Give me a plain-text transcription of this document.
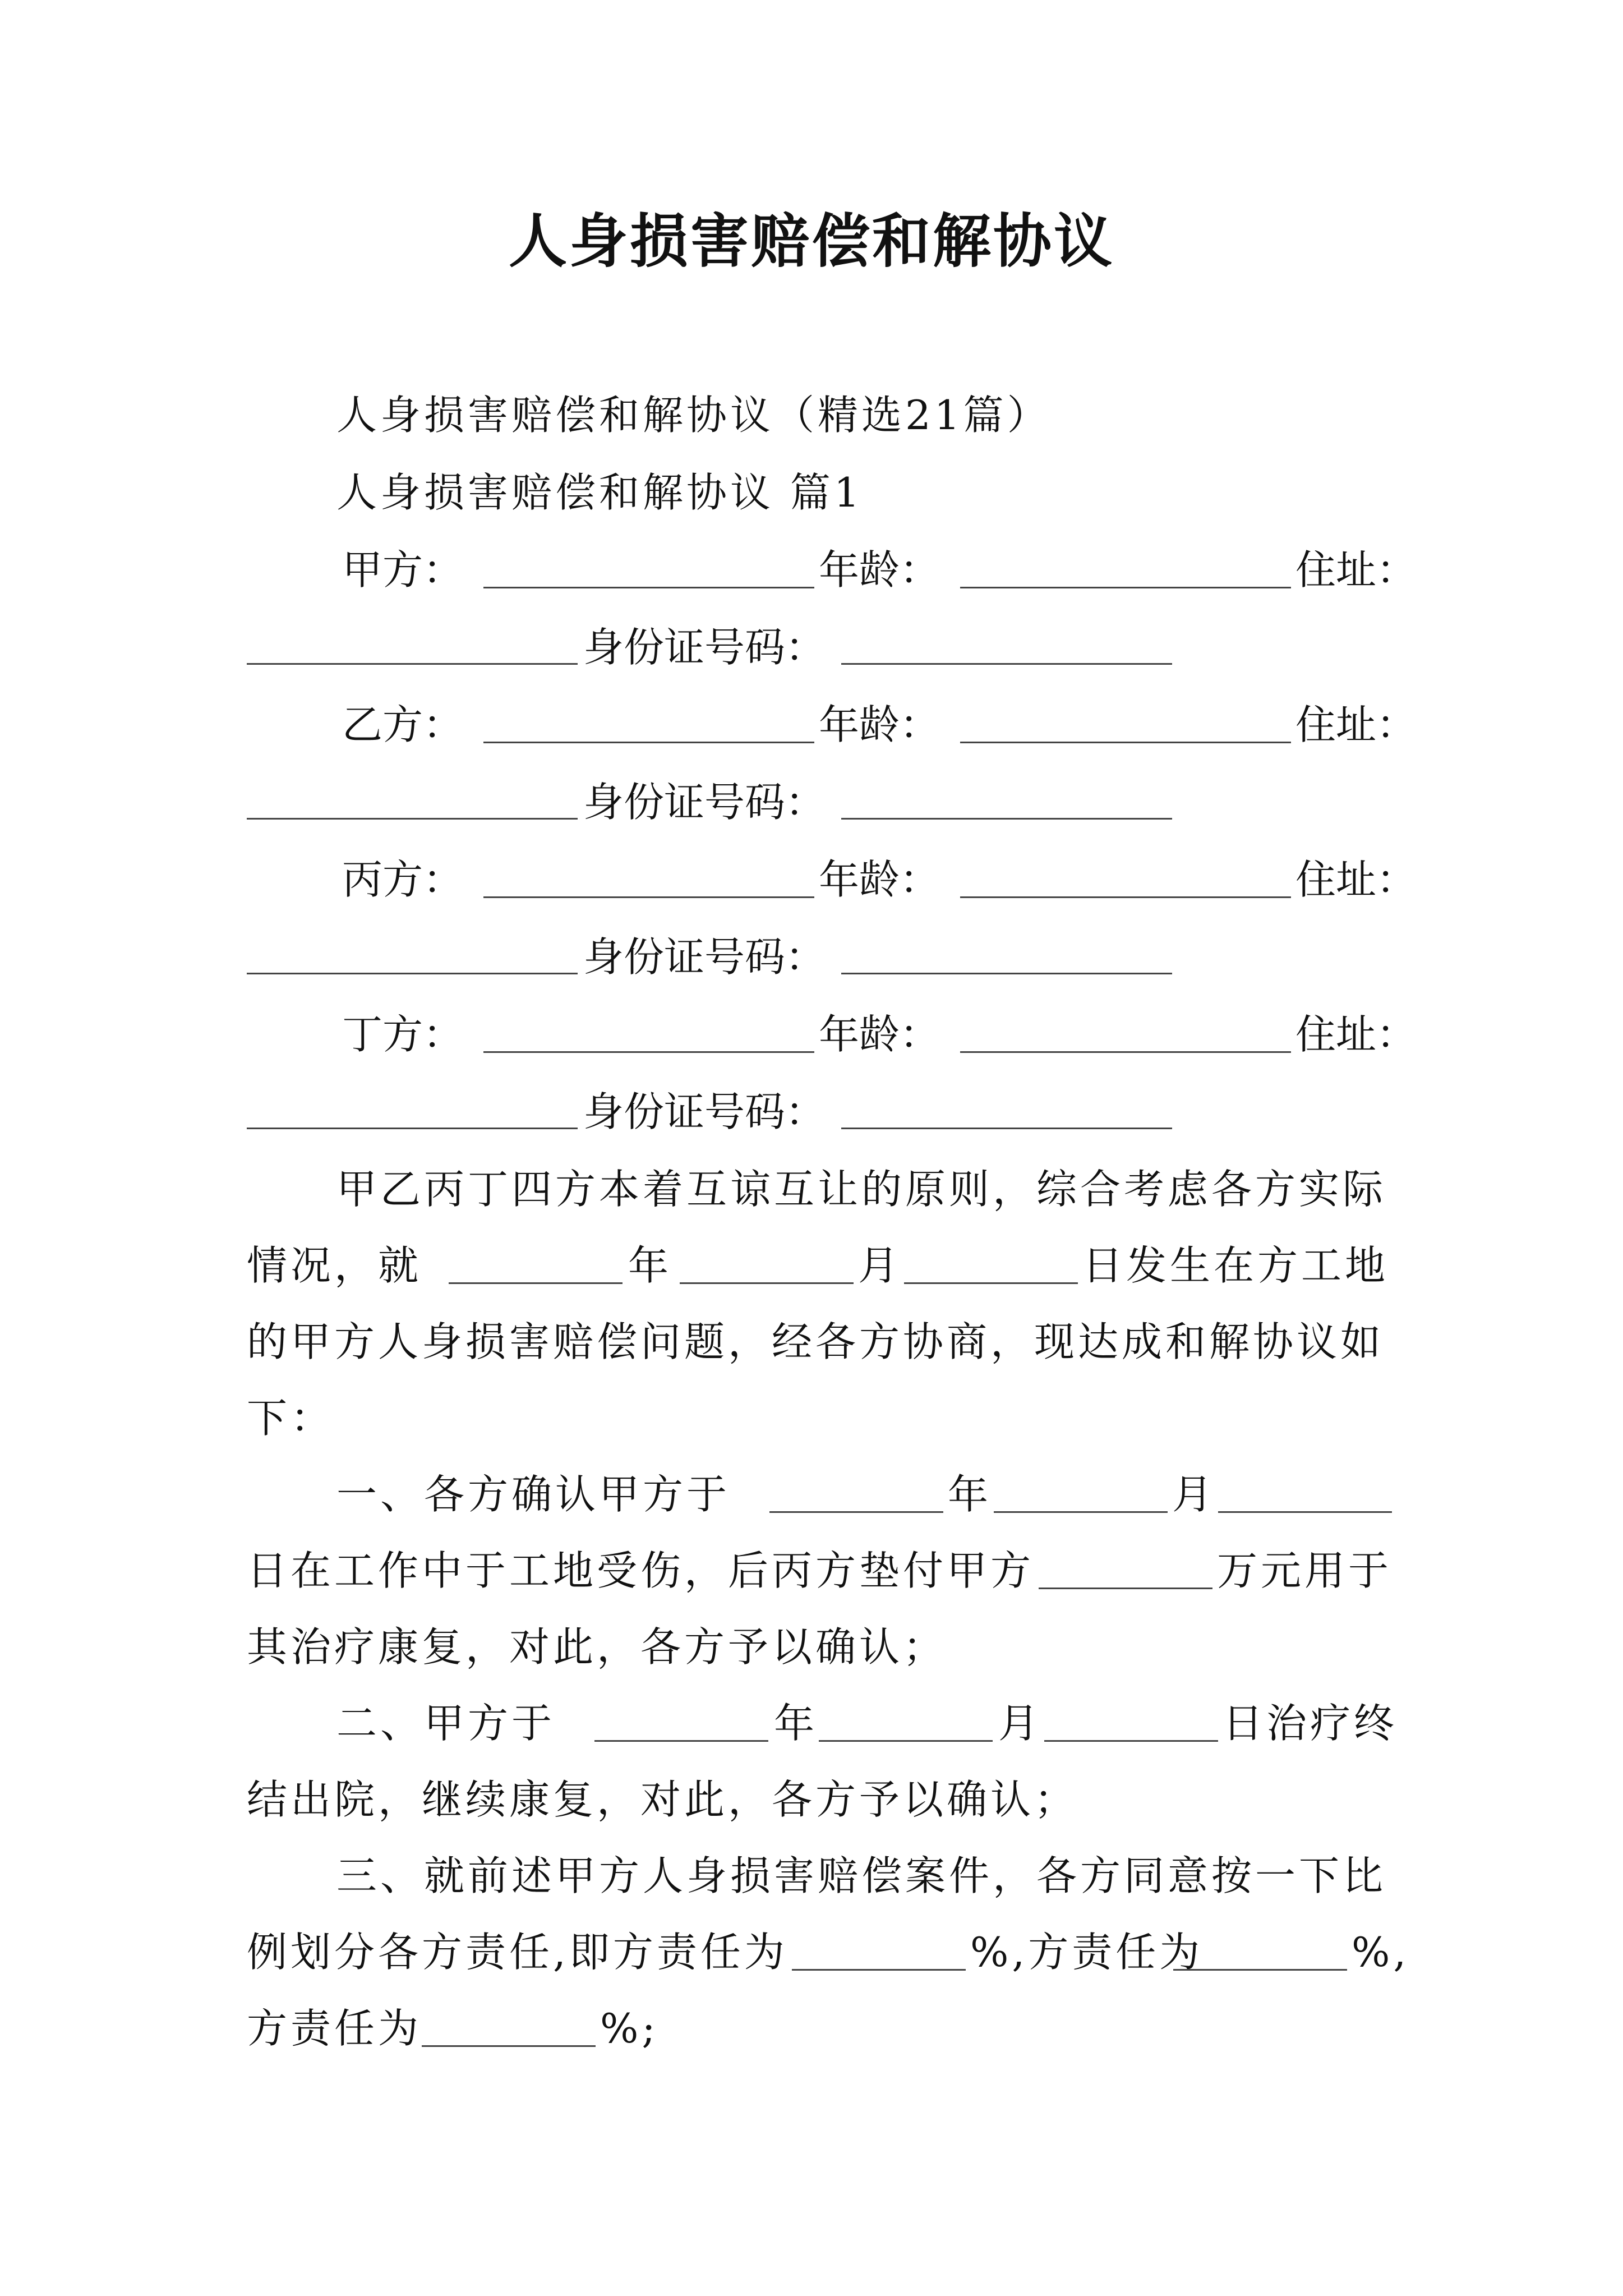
人身损害赔偿和解协议
人身损害赔偿和解协议（精选21篇）
人身损害赔偿和解协议 篇1
甲方：	年龄：	住址：
身份证号码：
乙方：	年龄：	住址：
身份证号码：
丙方：	年龄：	住址：
身份证号码：
丁方：	年龄：	住址：
身份证号码：
甲乙丙丁四方本着互谅互让的原则，综合考虑各方实际
情况，就	年	月	日发生在方工地
的甲方人身损害赔偿问题，经各方协商，现达成和解协议如
下：
一、各方确认甲方于	年	月
日在工作中于工地受伤，后丙方垫付甲方	万元用于
其治疗康复，对此，各方予以确认；
二、甲方于	年	月	日治疗终
结出院，继续康复，对此，各方予以确认；
三、就前述甲方人身损害赔偿案件，各方同意按一下比
例划分各方责任,即方责任为	%,方责任为	%,
方责任为	%;
